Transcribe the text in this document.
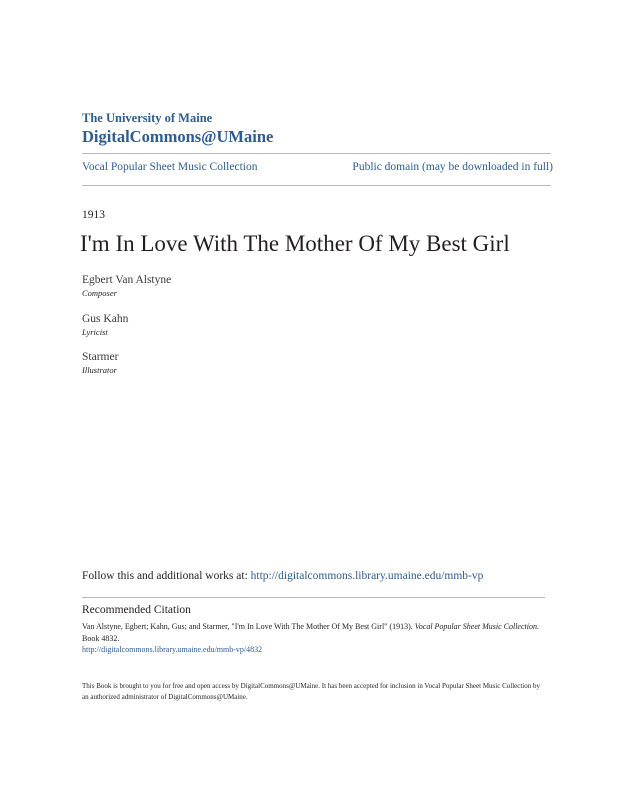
The University of Maine
DigitalCommons@UMaine
Vocal Popular Sheet Music Collection	Public domain (may be downloaded in full)
1913
I'm In Love With The Mother Of My Best Girl
Egbert Van Alstyne
Composer
Gus Kahn
Lyricist
Starmer
Illustrator
Follow this and additional works at: http://digitalcommons.library.umaine.edu/mmb-vp
Recommended Citation
Van Alstyne, Egbert; Kahn, Gus; and Starmer, "I'm In Love With The Mother Of My Best Girl" (1913). Vocal Popular Sheet Music Collection. Book 4832.
http://digitalcommons.library.umaine.edu/mmb-vp/4832
This Book is brought to you for free and open access by DigitalCommons@UMaine. It has been accepted for inclusion in Vocal Popular Sheet Music Collection by an authorized administrator of DigitalCommons@UMaine.
